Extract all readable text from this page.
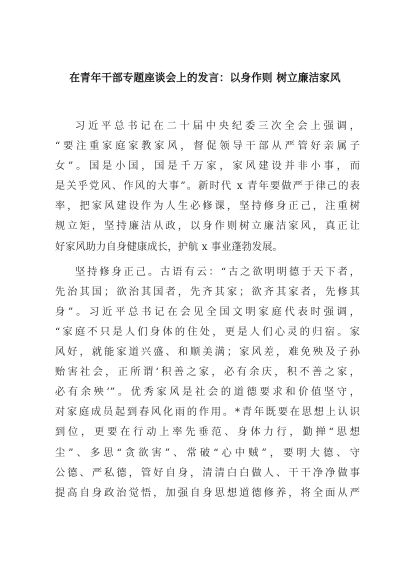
在青年干部专题座谈会上的发言：以身作则 树立廉洁家风
习近平总书记在二十届中央纪委三次全会上强调，
“要注重家庭家教家风，督促领导干部从严管好亲属子
女”。国是小国，国是千万家，家风建设并非小事，而
是关乎党风、作风的大事”。新时代 x 青年要做严于律己的表
率，把家风建设作为人生必修课，坚持修身正己，注重树
规立矩，坚持廉洁从政，以身作则树立廉洁家风，真正让
好家风助力自身健康成长，护航 x 事业蓬勃发展。
坚持修身正己。古语有云：“古之欲明明德于天下者，
先治其国；欲治其国者，先齐其家；欲齐其家者，先修其
身”。习近平总书记在会见全国文明家庭代表时强调，
“家庭不只是人们身体的住处，更是人们心灵的归宿。家
风好，就能家道兴盛、和顺美满；家风差，难免殃及子孙
贻害社会，正所谓‘积善之家，必有余庆，积不善之家，
必有余殃’”。优秀家风是社会的道德要求和价值坚守，
对家庭成员起到春风化雨的作用。*青年既要在思想上认识
到位，更要在行动上率先垂范、身体力行，勤掸“思想
尘”、多思“贪欲害”、常破“心中贼”，要明大德、守
公德、严私德，管好自身，清清白白做人、干干净净做事
提高自身政治觉悟，加强自身思想道德修养，将全面从严
